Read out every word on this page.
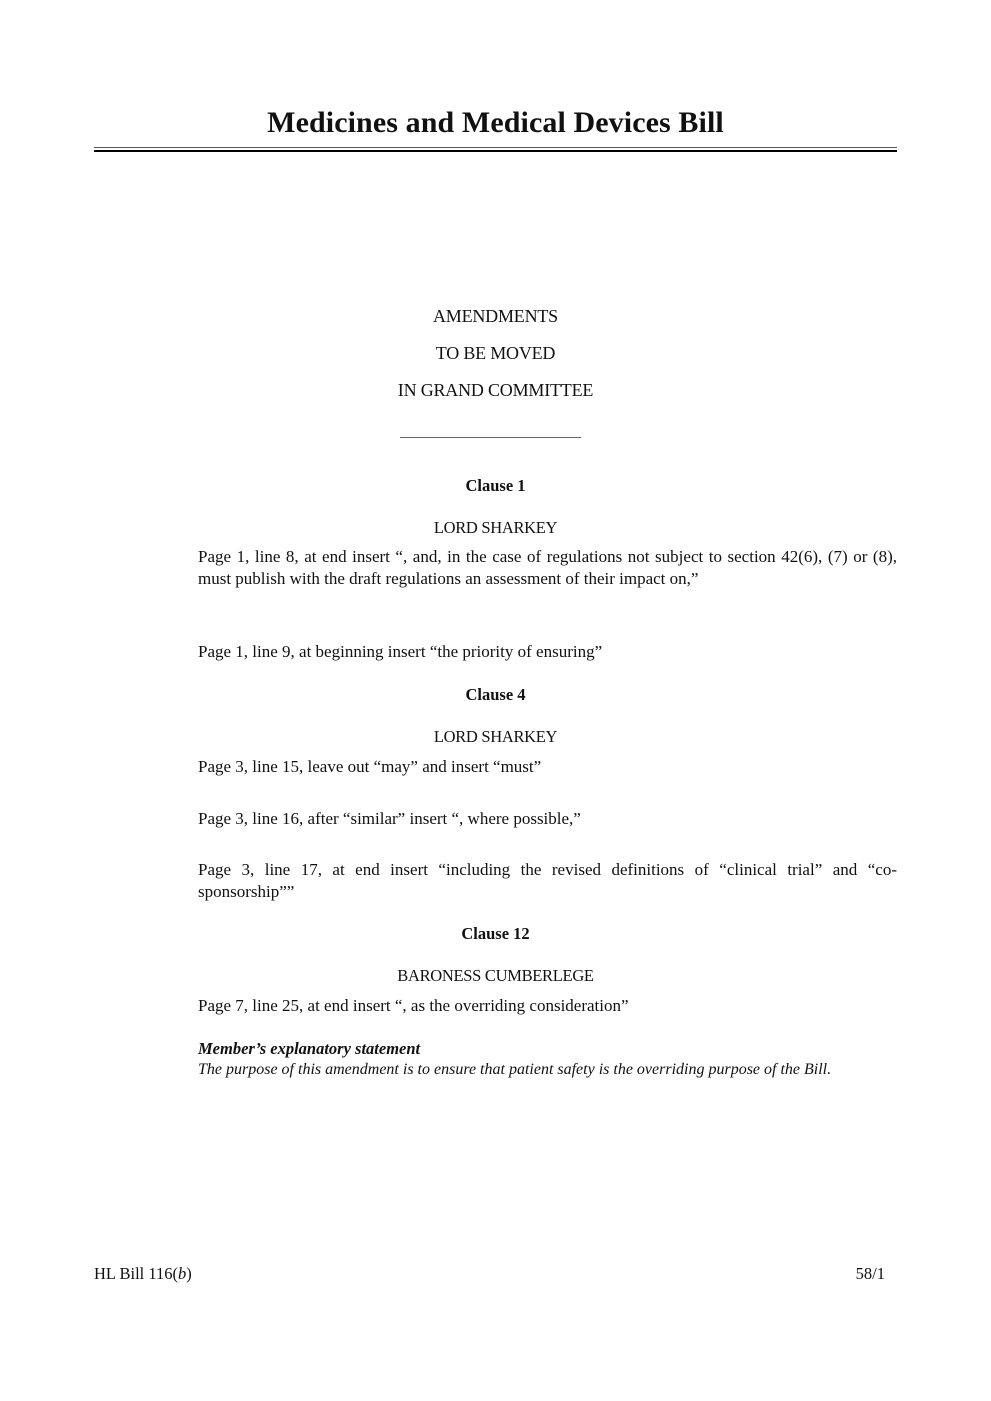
Medicines and Medical Devices Bill
AMENDMENTS
TO BE MOVED
IN GRAND COMMITTEE
Clause 1
LORD SHARKEY
Page 1, line 8, at end insert “, and, in the case of regulations not subject to section 42(6), (7) or (8), must publish with the draft regulations an assessment of their impact on,”
Page 1, line 9, at beginning insert “the priority of ensuring”
Clause 4
LORD SHARKEY
Page 3, line 15, leave out “may” and insert “must”
Page 3, line 16, after “similar” insert “, where possible,”
Page 3, line 17, at end insert “including the revised definitions of “clinical trial” and “co-sponsorship””
Clause 12
BARONESS CUMBERLEGE
Page 7, line 25, at end insert “, as the overriding consideration”
Member’s explanatory statement
The purpose of this amendment is to ensure that patient safety is the overriding purpose of the Bill.
HL Bill 116(b)	58/1
